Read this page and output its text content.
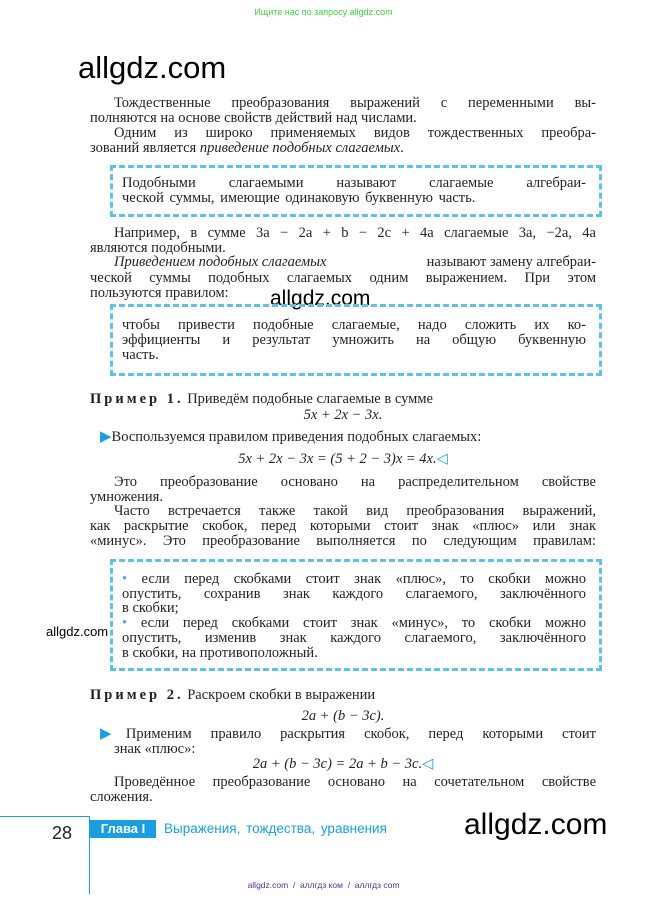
Ищите нас по запросу allgdz.com
allgdz.com
Тождественные преобразования выражений с переменными вы-
полняются на основе свойств действий над числами.
Одним из широко применяемых видов тождественных преобра-
зований является приведение подобных слагаемых.
Подобными слагаемыми называют слагаемые алгебраи-
ческой суммы, имеющие одинаковую буквенную часть.
Например, в сумме 3a − 2a + b − 2c + 4a слагаемые 3a, −2a, 4a
являются подобными.
Приведением подобных слагаемых	называют замену алгебраи-
ческой суммы подобных слагаемых одним выражением. При этом
пользуются правилом:	allgdz.com
чтобы привести подобные слагаемые, надо сложить их ко-
эффициенты и результат умножить на общую буквенную
часть.
Пример 1. Приведём подобные слагаемые в сумме
5x + 2x − 3x.
▶Воспользуемся правилом приведения подобных слагаемых:
5x + 2x − 3x = (5 + 2 − 3)x = 4x.◁
Это преобразование основано на распределительном свойстве
умножения.
Часто встречается также такой вид преобразования выражений,
как раскрытие скобок, перед которыми стоит знак «плюс» или знак
«минус». Это преобразование выполняется по следующим правилам:
• если перед скобками стоит знак «плюс», то скобки можно
опустить, сохранив знак каждого слагаемого, заключённого
в скобки;
• если перед скобками стоит знак «минус», то скобки можно
опустить, изменив знак каждого слагаемого, заключённого
в скобки, на противоположный.
allgdz.com
Пример 2. Раскроем скобки в выражении
2a + (b − 3c).
▶Применим правило раскрытия скобок, перед которыми стоит
знак «плюс»:
2a + (b − 3c) = 2a + b − 3c.◁
Проведённое преобразование основано на сочетательном свойстве
сложения.
28	Глава I	Выражения, тождества, уравнения	allgdz.com
allgdz.com  /  аллгдз ком  /  аллгдз com
